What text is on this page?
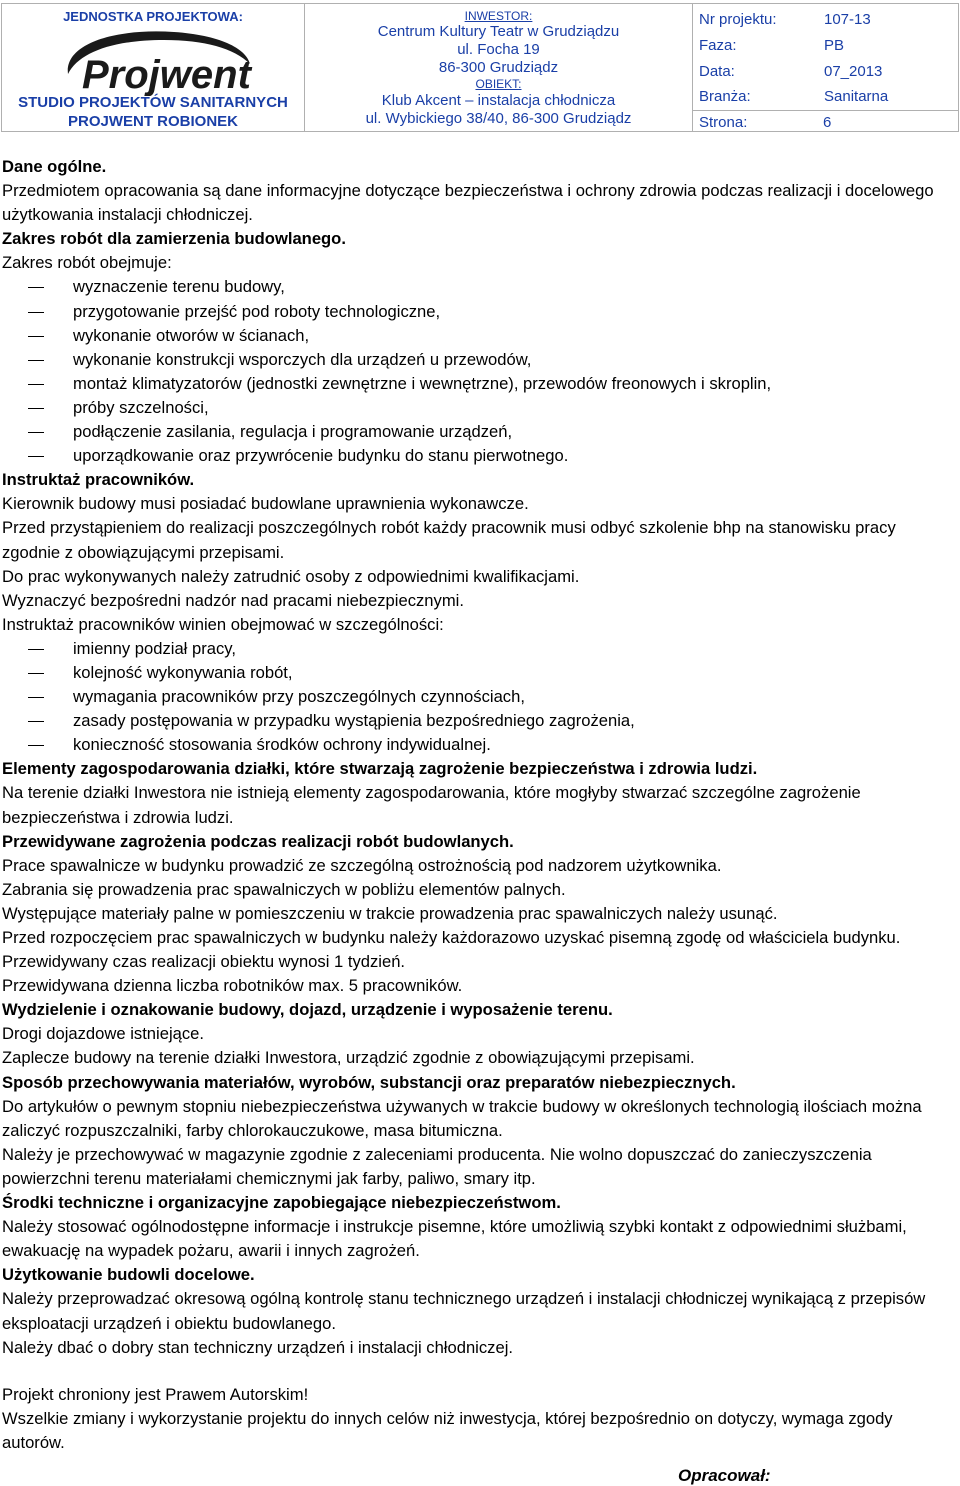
JEDNOSTKA PROJEKTOWA:
Projwent
STUDIO PROJEKTÓW SANITARNYCH
PROJWENT ROBIONEK
INWESTOR:
Centrum Kultury Teatr w Grudziądzu
ul. Focha 19
86-300 Grudziądz
OBIEKT:
Klub Akcent – instalacja chłodnicza
ul. Wybickiego 38/40, 86-300 Grudziądz
Nr projektu:	107-13
Faza:	PB
Data:	07_2013
Branża:	Sanitarna
Strona:	6

Dane ogólne.

Przedmiotem opracowania są dane informacyjne dotyczące bezpieczeństwa i ochrony zdrowia podczas realizacji i docelowego użytkowania instalacji chłodniczej.

Zakres robót dla zamierzenia budowlanego.

Zakres robót obejmuje:

wyznaczenie terenu budowy,
przygotowanie przejść pod roboty technologiczne,
wykonanie otworów w ścianach,
wykonanie konstrukcji wsporczych dla urządzeń u przewodów,
montaż klimatyzatorów (jednostki zewnętrzne i wewnętrzne), przewodów freonowych i skroplin,
próby szczelności,
podłączenie zasilania, regulacja i programowanie urządzeń,
uporządkowanie oraz przywrócenie budynku do stanu pierwotnego.

Instruktaż pracowników.

Kierownik budowy musi posiadać budowlane uprawnienia wykonawcze.

Przed przystąpieniem do realizacji poszczególnych robót każdy pracownik musi odbyć szkolenie bhp na stanowisku pracy zgodnie z obowiązującymi przepisami.

Do prac wykonywanych należy zatrudnić osoby z odpowiednimi kwalifikacjami.

Wyznaczyć bezpośredni nadzór nad pracami niebezpiecznymi.

Instruktaż pracowników winien obejmować w szczególności:

imienny podział pracy,
kolejność wykonywania robót,
wymagania pracowników przy poszczególnych czynnościach,
zasady postępowania w przypadku wystąpienia bezpośredniego zagrożenia,
konieczność stosowania środków ochrony indywidualnej.

Elementy zagospodarowania działki, które stwarzają zagrożenie bezpieczeństwa i zdrowia ludzi.

Na terenie działki Inwestora nie istnieją elementy zagospodarowania, które mogłyby stwarzać szczególne zagrożenie bezpieczeństwa i zdrowia ludzi.

Przewidywane zagrożenia podczas realizacji robót budowlanych.

Prace spawalnicze w budynku prowadzić ze szczególną ostrożnością pod nadzorem użytkownika.

Zabrania się prowadzenia prac spawalniczych w pobliżu elementów palnych.

Występujące materiały palne w pomieszczeniu w trakcie prowadzenia prac spawalniczych należy usunąć.

Przed rozpoczęciem prac spawalniczych w budynku należy każdorazowo uzyskać pisemną zgodę od właściciela budynku.

Przewidywany czas realizacji obiektu wynosi 1 tydzień.

Przewidywana dzienna liczba robotników max. 5 pracowników.

Wydzielenie i oznakowanie budowy, dojazd, urządzenie i wyposażenie terenu.

Drogi dojazdowe istniejące.

Zaplecze budowy na terenie działki Inwestora, urządzić zgodnie z obowiązującymi przepisami.

Sposób przechowywania materiałów, wyrobów, substancji oraz preparatów niebezpiecznych.

Do artykułów o pewnym stopniu niebezpieczeństwa używanych w trakcie budowy w określonych technologią ilościach można zaliczyć rozpuszczalniki, farby chlorokauczukowe, masa bitumiczna.

Należy je przechowywać w magazynie zgodnie z zaleceniami producenta. Nie wolno dopuszczać do zanieczyszczenia powierzchni terenu materiałami chemicznymi jak farby, paliwo, smary itp.

Środki techniczne i organizacyjne zapobiegające niebezpieczeństwom.

Należy stosować ogólnodostępne informacje i instrukcje pisemne, które umożliwią szybki kontakt z odpowiednimi służbami, ewakuację na wypadek pożaru, awarii i innych zagrożeń.

Użytkowanie budowli docelowe.

Należy przeprowadzać okresową ogólną kontrolę stanu technicznego urządzeń i instalacji chłodniczej wynikającą z przepisów eksploatacji urządzeń i obiektu budowlanego.

Należy dbać o dobry stan techniczny urządzeń i instalacji chłodniczej.

Projekt chroniony jest Prawem Autorskim!

Wszelkie zmiany i wykorzystanie projektu do innych celów niż inwestycja, której bezpośrednio on dotyczy, wymaga zgody autorów.

Opracował:
